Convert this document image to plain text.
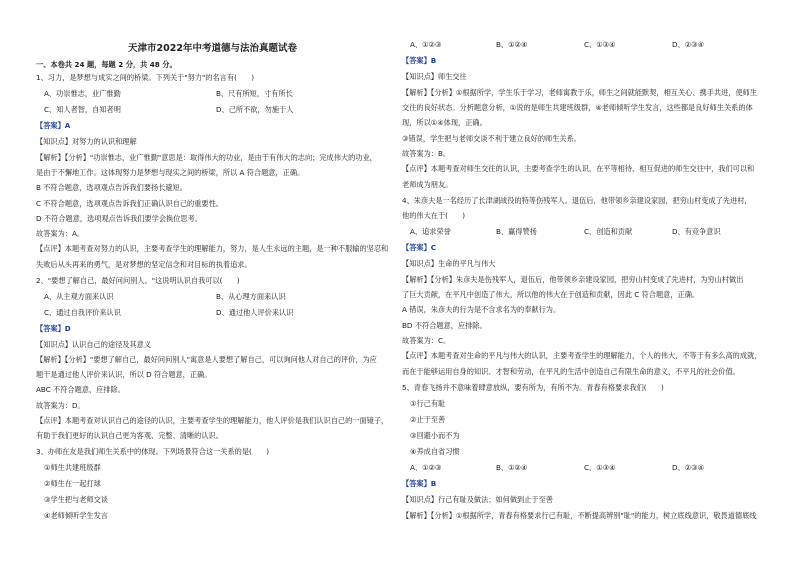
天津市2022年中考道德与法治真题试卷
一、本卷共 24 题，每题 2 分，共 48 分。
1、习力，是梦想与成实之间的桥梁。下列关于"努力"的名言有(　　)
A、功崇惟志，业广惟勤	B、尺有所短，寸有所长
C、知人者智，自知者明	D、己所不欲，勿施于人
【答案】A
【知识点】对努力的认识和理解
【解析】【分析】"功崇惟志，业广惟勤"意思是：取得伟大的功业，是由于有伟大的志向；完成伟大的功业，
是由于不懈地工作。这体现努力是梦想与现实之间的桥梁，所以 A 符合题意，正确。
B 不符合题意，选项观点告诉我们要扬长避短。
C 不符合题意，选项观点告诉我们正确认识自己的重要性。
D 不符合题意，选项观点告诉我们要学会换位思考。
故答案为：A。
【点评】本题考查对努力的认识，主要考查学生的理解能力，努力，是人生永远的主题，是一种不服输的坚忍和
失败后从头再来的勇气，是对梦想的坚定信念和对目标的执着追求。
2、"要想了解自己，最好问问别人。"这说明认识自我可以(　　)
A、从主观方面来认识	B、从心理方面来认识
C、通过自我评价来认识	D、通过他人评价来认识
【答案】D
【知识点】认识自己的途径及其意义
【解析】【分析】"要想了解自己，最好问问别人"寓意是人要想了解自己，可以询问他人对自己的评价，为应
题干是通过他人评价来认识，所以 D 符合题意，正确。
ABC 不符合题意，应排除。
故答案为：D。
【点评】本题考查对认识自己的途径的认识，主要考查学生的理解能力，他人评价是我们认识自己的一面镜子，
有助于我们更好的认识自己更为客观、完整、清晰的认识。
3、办师在友是我们师生关系中的体现。下列场景符合这一关系的是(　　)
①师生共建班级群
②师生在一起打球
③学生把与老师交谈
④老师倾听学生发言
A、①②③	B、①②④	C、①③④	D、②③④
【答案】B
【知识点】师生交往
【解析】【分析】①根据所学，学生乐于学习，老师寓教于乐，师生之间就能默契，相互关心、携手共进，使师生
交往的良好状态。分析题意分析，①说的是师生共建班级群，④老师倾听学生发言，这些都是良好师生关系的体
现，所以①④体现，正确。
③错误，学生把与老师交谈不利于建立良好的师生关系。
故答案为：B。
【点评】本题考查对师生交往的认识，主要考查学生的认识，在平等相待、相互促进的师生交往中，我们可以和
老师成为朋友。
4、朱彦夫是一名经历了长津湖战役的特等伤残军人。退伍后，他带领乡亲建设家园，把穷山村变成了先进村，
他的伟大在于(　　)
A、追求荣誉	B、赢得赞扬	C、创造和贡献	D、有竞争意识
【答案】C
【知识点】生命的平凡与伟大
【解析】【分析】朱彦夫是伤残军人，退伍后，他带领乡亲建设家园，把穷山村变成了先进村，为穷山村做出
了巨大贡献，在平凡中创造了伟大，所以他的伟大在于创造和贡献，因此 C 符合题意，正确。
A 错误，朱彦夫的行为是不含求名为的奉献行为。
BD 不符合题意，应排除。
故答案为：C。
【点评】本题考查对生命的平凡与伟大的认识，主要考查学生的理解能力，个人的伟大，不等于有多么高的成就，
而在于能够运用自身的知识、才智和劳动，在平凡的生活中创造自己有限生命的意义，不平凡的社会价值。
5、青春飞扬并不意味着肆意放纵，要有所为，有所不为。青春有格要求我们(　　)
①行己有耻
②止于至善
③回避小而不为
④养成自省习惯
A、①②③	B、①②④	C、①③④	D、②③④
【答案】B
【知识点】行己有耻及做法；如何做到止于至善
【解析】【分析】①根据所学，青春有格要求行己有耻，不断提高辨别"耻"的能力，树立底线意识，敬畏道德底线
